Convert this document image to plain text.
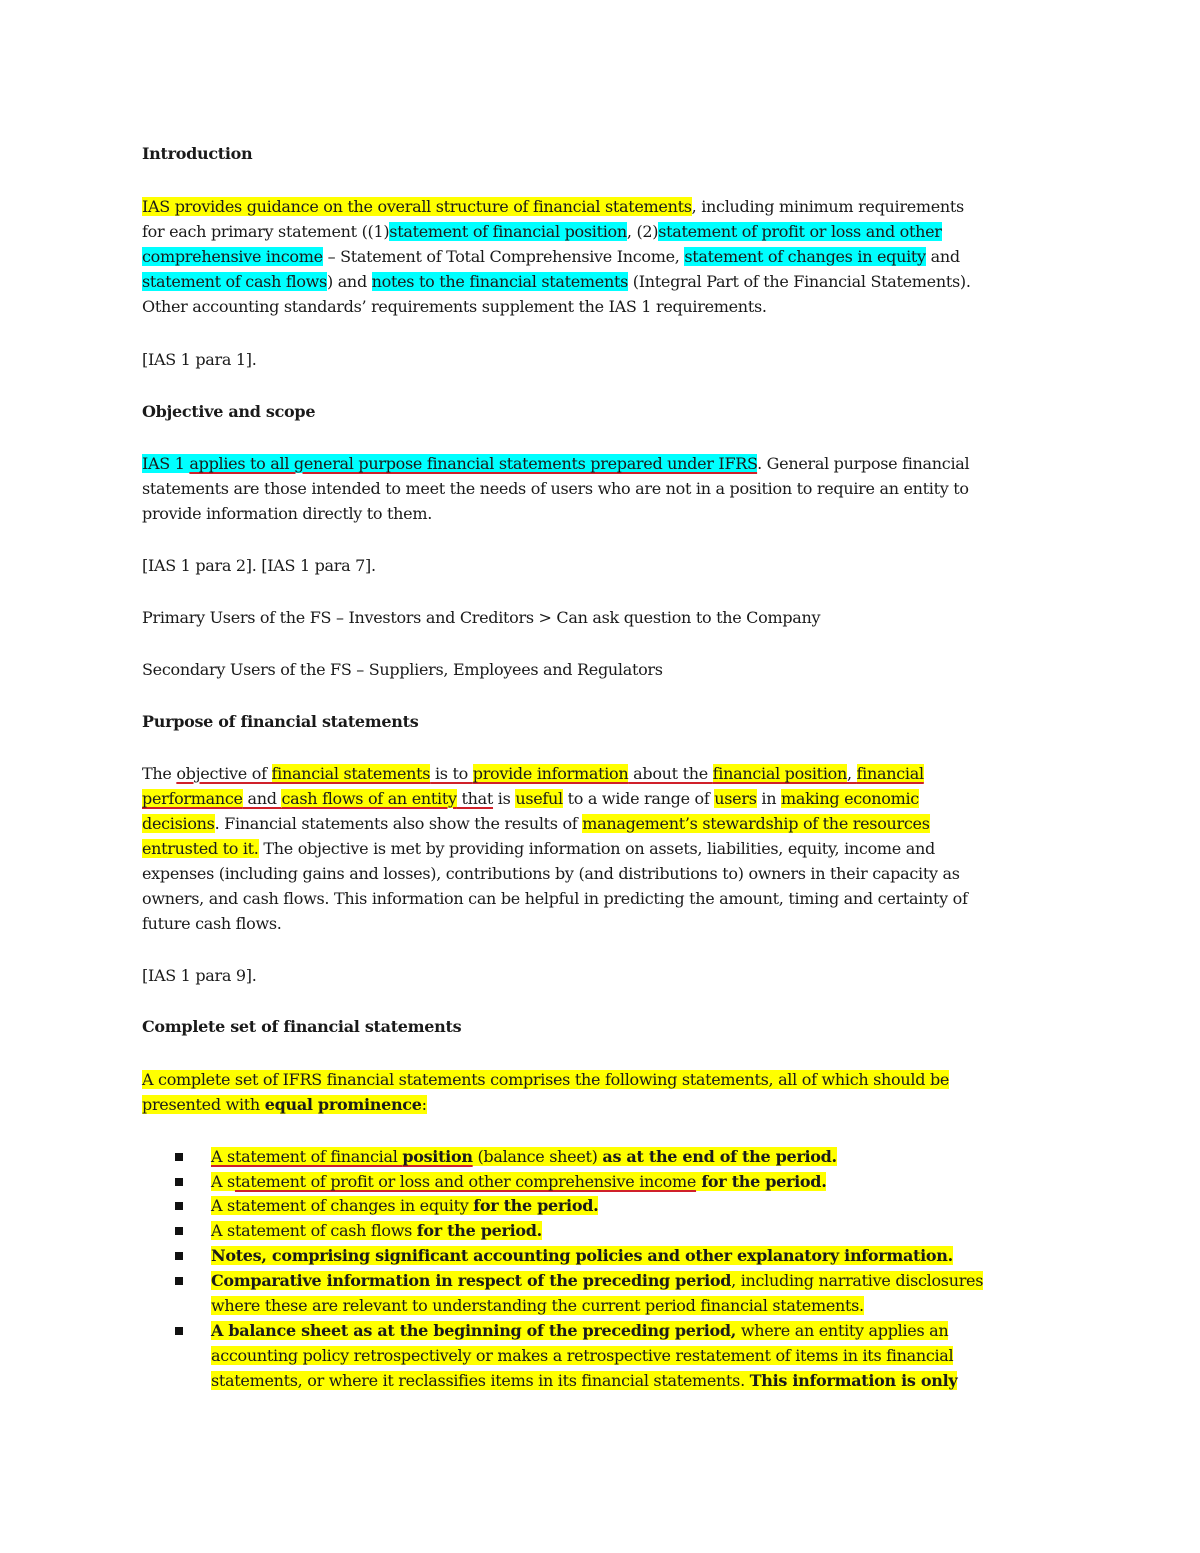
Introduction
IAS provides guidance on the overall structure of financial statements, including minimum requirements
for each primary statement ((1)statement of financial position, (2)statement of profit or loss and other
comprehensive income – Statement of Total Comprehensive Income, statement of changes in equity and
statement of cash flows) and notes to the financial statements (Integral Part of the Financial Statements).
Other accounting standards’ requirements supplement the IAS 1 requirements.
[IAS 1 para 1].
Objective and scope
IAS 1 applies to all general purpose financial statements prepared under IFRS. General purpose financial
statements are those intended to meet the needs of users who are not in a position to require an entity to
provide information directly to them.
[IAS 1 para 2]. [IAS 1 para 7].
Primary Users of the FS – Investors and Creditors > Can ask question to the Company
Secondary Users of the FS – Suppliers, Employees and Regulators
Purpose of financial statements
The objective of financial statements is to provide information about the financial position, financial
performance and cash flows of an entity that is useful to a wide range of users in making economic
decisions. Financial statements also show the results of management’s stewardship of the resources
entrusted to it. The objective is met by providing information on assets, liabilities, equity, income and
expenses (including gains and losses), contributions by (and distributions to) owners in their capacity as
owners, and cash flows. This information can be helpful in predicting the amount, timing and certainty of
future cash flows.
[IAS 1 para 9].
Complete set of financial statements
A complete set of IFRS financial statements comprises the following statements, all of which should be
presented with equal prominence:
A statement of financial position (balance sheet) as at the end of the period.
A statement of profit or loss and other comprehensive income for the period.
A statement of changes in equity for the period.
A statement of cash flows for the period.
Notes, comprising significant accounting policies and other explanatory information.
Comparative information in respect of the preceding period, including narrative disclosures
where these are relevant to understanding the current period financial statements.
A balance sheet as at the beginning of the preceding period, where an entity applies an
accounting policy retrospectively or makes a retrospective restatement of items in its financial
statements, or where it reclassifies items in its financial statements. This information is only
